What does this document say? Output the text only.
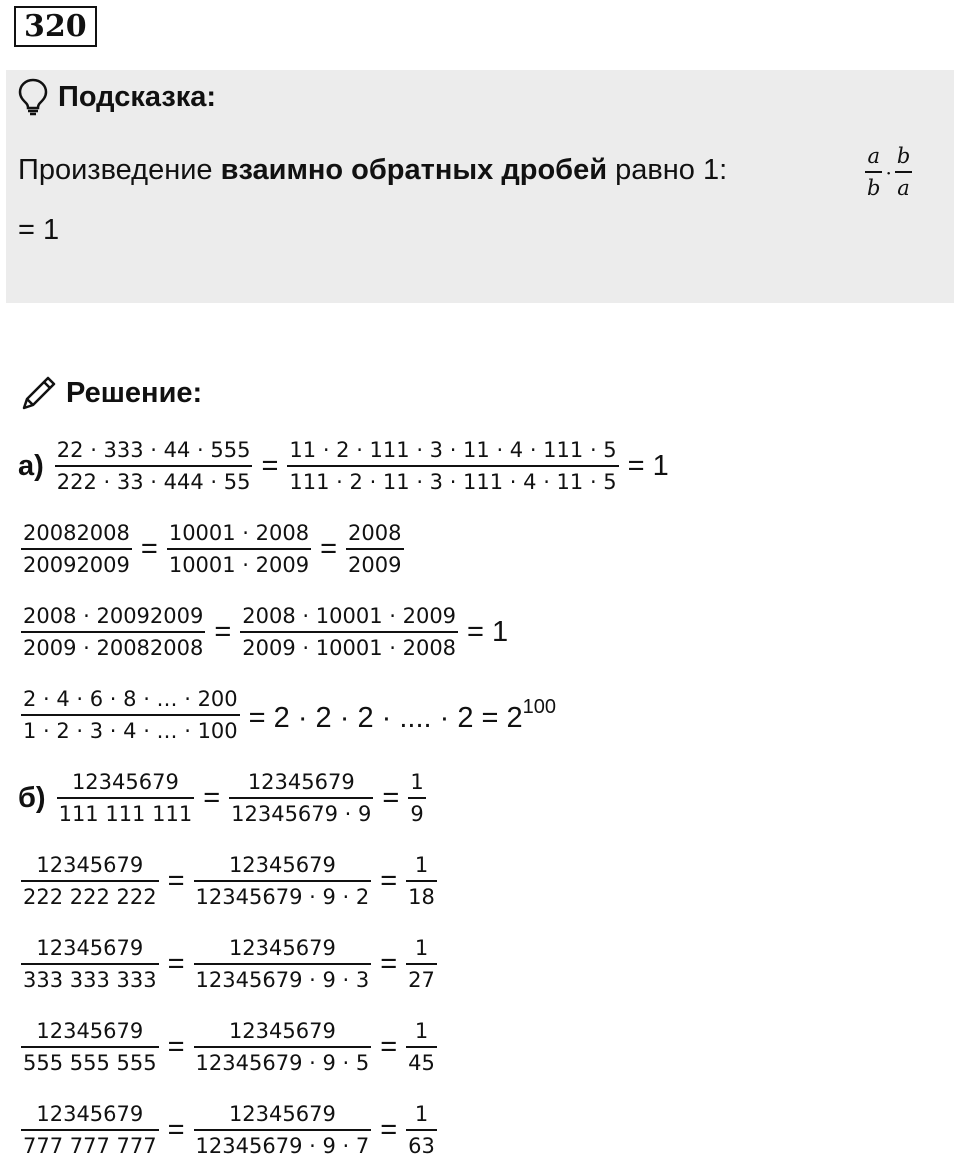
320
Подсказка:
Произведение взаимно обратных дробей равно 1:	$\frac{a}{b} \cdot \frac{b}{a}$
= 1
Решение:
$а) \frac{22 \cdot 333 \cdot 44 \cdot 555}{222 \cdot 33 \cdot 444 \cdot 55} = \frac{11 \cdot 2 \cdot 111 \cdot 3 \cdot 11 \cdot 4 \cdot 111 \cdot 5}{111 \cdot 2 \cdot 11 \cdot 3 \cdot 111 \cdot 4 \cdot 11 \cdot 5} = 1$
$\frac{20082008}{20092009} = \frac{10001 \cdot 2008}{10001 \cdot 2009} = \frac{2008}{2009}$
$\frac{2008 \cdot 20092009}{2009 \cdot 20082008} = \frac{2008 \cdot 10001 \cdot 2009}{2009 \cdot 10001 \cdot 2008} = 1$
$\frac{2 \cdot 4 \cdot 6 \cdot 8 \cdot \dots \cdot 200}{1 \cdot 2 \cdot 3 \cdot 4 \cdot \dots \cdot 100} = 2 \cdot 2 \cdot 2$ · .... · $2 = 2^{100}$
$б) \frac{12345679}{111 111 111} = \frac{12345679}{12345679 \cdot 9} = \frac{1}{9}$
$\frac{12345679}{222 222 222} = \frac{12345679}{12345679 \cdot 9 \cdot 2} = \frac{1}{18}$
$\frac{12345679}{333 333 333} = \frac{12345679}{12345679 \cdot 9 \cdot 3} = \frac{1}{27}$
$\frac{12345679}{555 555 555} = \frac{12345679}{12345679 \cdot 9 \cdot 5} = \frac{1}{45}$
$\frac{12345679}{777 777 777} = \frac{12345679}{12345679 \cdot 9 \cdot 7} = \frac{1}{63}$
